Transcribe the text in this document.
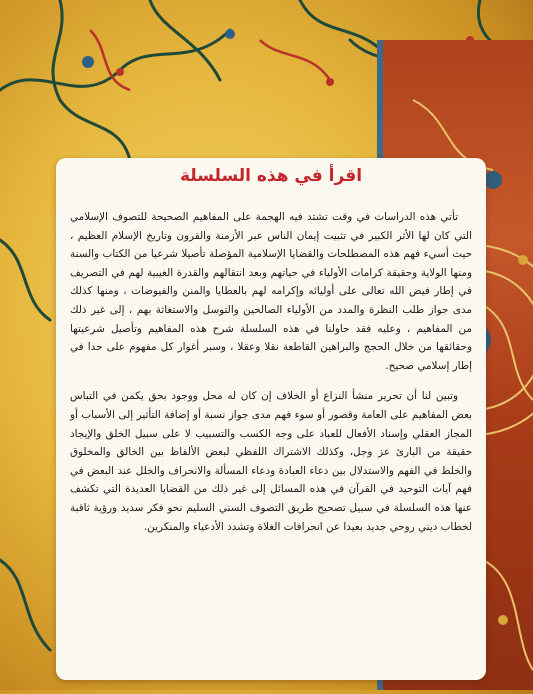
اقرأ في هذه السلسلة

تأتي هذه الدراسات في وقت تشتد فيه الهجمة على المفاهيم الصحيحة للتصوف الإسلامي التي كان لها الأثر الكبير في تثبيت إيمان الناس عبر الأزمنة والقرون وتاريخ الإسلام العظيم ، حيث أسيء فهم هذه المصطلحات والقضايا الإسلامية المؤصلة تأصيلا شرعيا من الكتاب والسنة ومنها الولاية وحقيقة كرامات الأولياء في حياتهم وبعد انتقالهم والقدرة الغيبية لهم في التصريف في إطار فيض الله تعالى على أوليائه وإكرامه لهم بالعطايا والمنن والفيوضات ، ومنها كذلك مدى جواز طلب النظرة والمدد من الأولياء الصالحين والتوسل والاستغاثة بهم ، إلى غير ذلك من المفاهيم ، وعليه فقد حاولنا في هذه السلسلة شرح هذه المفاهيم وتأصيل شرعيتها وحقائقها من خلال الحجج والبراهين القاطعة نقلا وعقلا ، وسبر أغوار كل مفهوم على حدا في إطار إسلامي صحيح.

وتبين لنا أن تحرير منشأ النزاع أو الخلاف إن كان له محل ووجود بحق يكمن في التباس بعض المفاهيم على العامة وقصور أو سوء فهم مدى جواز نسبة أو إضافة التأثير إلى الأسباب أو المجاز العقلي وإسناد الأفعال للعباد على وجه الكسب والتسبيب لا على سبيل الخلق والإيجاد حقيقة من البارئ عز وجل، وكذلك الاشتراك اللفظي لبعض الألفاظ بين الخالق والمخلوق والخلط في الفهم والاستدلال بين دعاء العبادة ودعاء المسألة والانحراف والخلل عند البعض في فهم آيات التوحيد في القرآن في هذه المسائل إلى غير ذلك من القضايا العديدة التي تكشف عنها هذه السلسلة في سبيل تصحيح طريق التصوف السني السليم نحو فكر سديد ورؤية ثاقبة لخطاب ديني روحي جديد بعيدا عن انحرافات الغلاة وتشدد الأدعياء والمنكرين.
